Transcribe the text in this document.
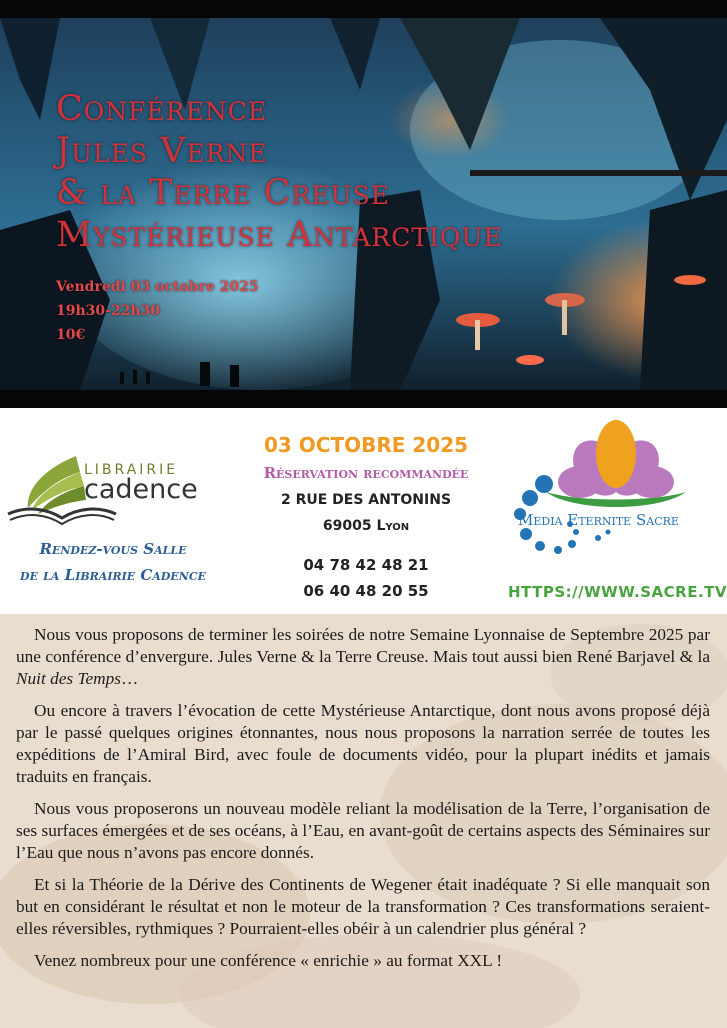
Conférence
Jules Verne
& la Terre Creuse
Mystérieuse Antarctique
Vendredi 03 octobre 2025
19h30-22h30
10€
LIBRAIRIE
cadence
Rendez-vous Salle
de la Librairie Cadence
03 OCTOBRE 2025
Réservation recommandée
2 RUE DES ANTONINS
69005 Lyon
04 78 42 48 21
06 40 48 20 55
Media Eternite Sacre
HTTPS://WWW.SACRE.TV

Nous vous proposons de terminer les soirées de notre Semaine Lyonnaise de Septembre 2025 par une conférence d’envergure. Jules Verne & la Terre Creuse. Mais tout aussi bien René Barjavel & la Nuit des Temps…

Ou encore à travers l’évocation de cette Mystérieuse Antarctique, dont nous avons proposé déjà par le passé quelques origines étonnantes, nous nous proposons la narration serrée de toutes les expéditions de l’Amiral Bird, avec foule de documents vidéo, pour la plupart inédits et jamais traduits en français.

Nous vous proposerons un nouveau modèle reliant la modélisation de la Terre, l’organisation de ses surfaces émergées et de ses océans, à l’Eau, en avant-goût de certains aspects des Séminaires sur l’Eau que nous n’avons pas encore donnés.

Et si la Théorie de la Dérive des Continents de Wegener était inadéquate ? Si elle manquait son but en considérant le résultat et non le moteur de la transformation ? Ces transformations seraient-elles réversibles, rythmiques ? Pourraient-elles obéir à un calendrier plus général ?

Venez nombreux pour une conférence « enrichie » au format XXL !
